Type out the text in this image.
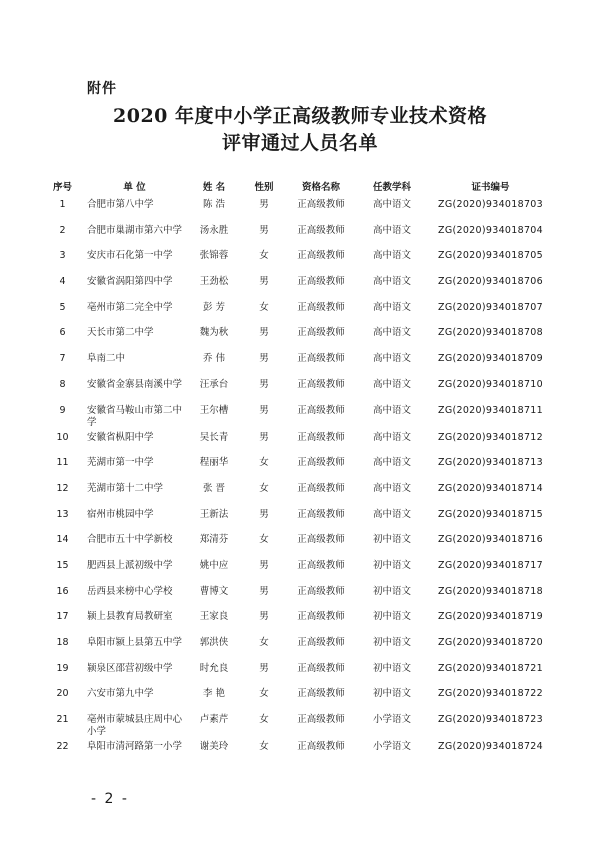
附件
2020 年度中小学正高级教师专业技术资格
评审通过人员名单
序号	单 位	姓 名	性别	资格名称	任教学科	证书编号
1	合肥市第八中学	陈 浩	男	正高级教师	高中语文	ZG(2020)934018703
2	合肥市巢湖市第六中学	汤永胜	男	正高级教师	高中语文	ZG(2020)934018704
3	安庆市石化第一中学	张锦蓉	女	正高级教师	高中语文	ZG(2020)934018705
4	安徽省涡阳第四中学	王劲松	男	正高级教师	高中语文	ZG(2020)934018706
5	亳州市第二完全中学	彭 芳	女	正高级教师	高中语文	ZG(2020)934018707
6	天长市第二中学	魏为秋	男	正高级教师	高中语文	ZG(2020)934018708
7	阜南二中	乔 伟	男	正高级教师	高中语文	ZG(2020)934018709
8	安徽省金寨县南溪中学	汪承台	男	正高级教师	高中语文	ZG(2020)934018710
9	安徽省马鞍山市第二中学	王尔槽	男	正高级教师	高中语文	ZG(2020)934018711
10	安徽省枞阳中学	吴长青	男	正高级教师	高中语文	ZG(2020)934018712
11	芜湖市第一中学	程丽华	女	正高级教师	高中语文	ZG(2020)934018713
12	芜湖市第十二中学	张 晋	女	正高级教师	高中语文	ZG(2020)934018714
13	宿州市桃园中学	王新法	男	正高级教师	高中语文	ZG(2020)934018715
14	合肥市五十中学新校	郑清芬	女	正高级教师	初中语文	ZG(2020)934018716
15	肥西县上派初级中学	姚中应	男	正高级教师	初中语文	ZG(2020)934018717
16	岳西县来榜中心学校	曹博文	男	正高级教师	初中语文	ZG(2020)934018718
17	颍上县教育局教研室	王家良	男	正高级教师	初中语文	ZG(2020)934018719
18	阜阳市颍上县第五中学	郭洪侠	女	正高级教师	初中语文	ZG(2020)934018720
19	颍泉区邵营初级中学	时允良	男	正高级教师	初中语文	ZG(2020)934018721
20	六安市第九中学	李 艳	女	正高级教师	初中语文	ZG(2020)934018722
21	亳州市蒙城县庄周中心小学	卢素芹	女	正高级教师	小学语文	ZG(2020)934018723
22	阜阳市清河路第一小学	谢美玲	女	正高级教师	小学语文	ZG(2020)934018724
- 2 -
